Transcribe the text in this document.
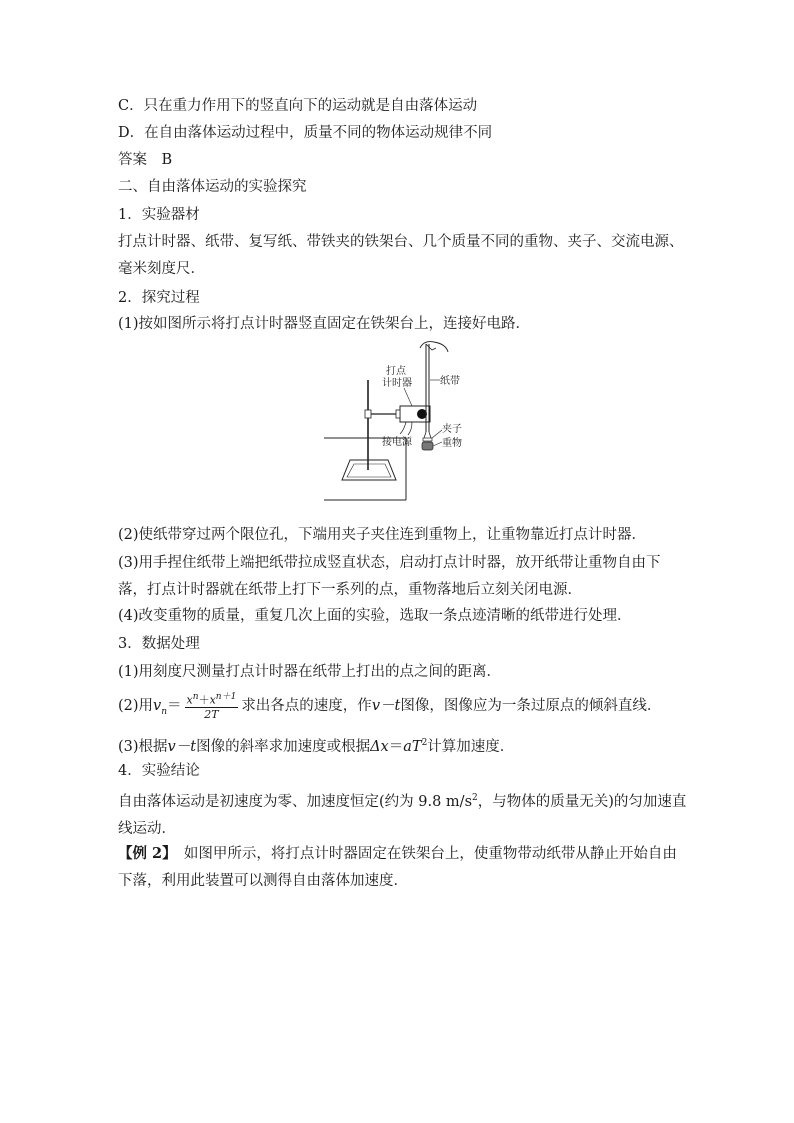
C．只在重力作用下的竖直向下的运动就是自由落体运动
D．在自由落体运动过程中，质量不同的物体运动规律不同
答案　B
二、自由落体运动的实验探究
1．实验器材
打点计时器、纸带、复写纸、带铁夹的铁架台、几个质量不同的重物、夹子、交流电源、毫米刻度尺．
2．探究过程
(1)按如图所示将打点计时器竖直固定在铁架台上，连接好电路．
打点
计时器	纸带
夹子
接电源	重物
(2)使纸带穿过两个限位孔，下端用夹子夹住连到重物上，让重物靠近打点计时器．
(3)用手捏住纸带上端把纸带拉成竖直状态，启动打点计时器，放开纸带让重物自由下落，打点计时器就在纸带上打下一系列的点，重物落地后立刻关闭电源．
(4)改变重物的质量，重复几次上面的实验，选取一条点迹清晰的纸带进行处理．
3．数据处理
(1)用刻度尺测量打点计时器在纸带上打出的点之间的距离．
(2)用$v_n= \frac{x^n+x^{n+1}}{2T}$ 求出各点的速度，作v－t图像，图像应为一条过原点的倾斜直线．
(3)根据v－t图像的斜率求加速度或根据$\Delta x=aT^2$计算加速度．
4．实验结论
自由落体运动是初速度为零、加速度恒定(约为 9.8 $m/s^2$，与物体的质量无关)的匀加速直线运动．
【例 2】　如图甲所示，将打点计时器固定在铁架台上，使重物带动纸带从静止开始自由下落，利用此装置可以测得自由落体加速度．
